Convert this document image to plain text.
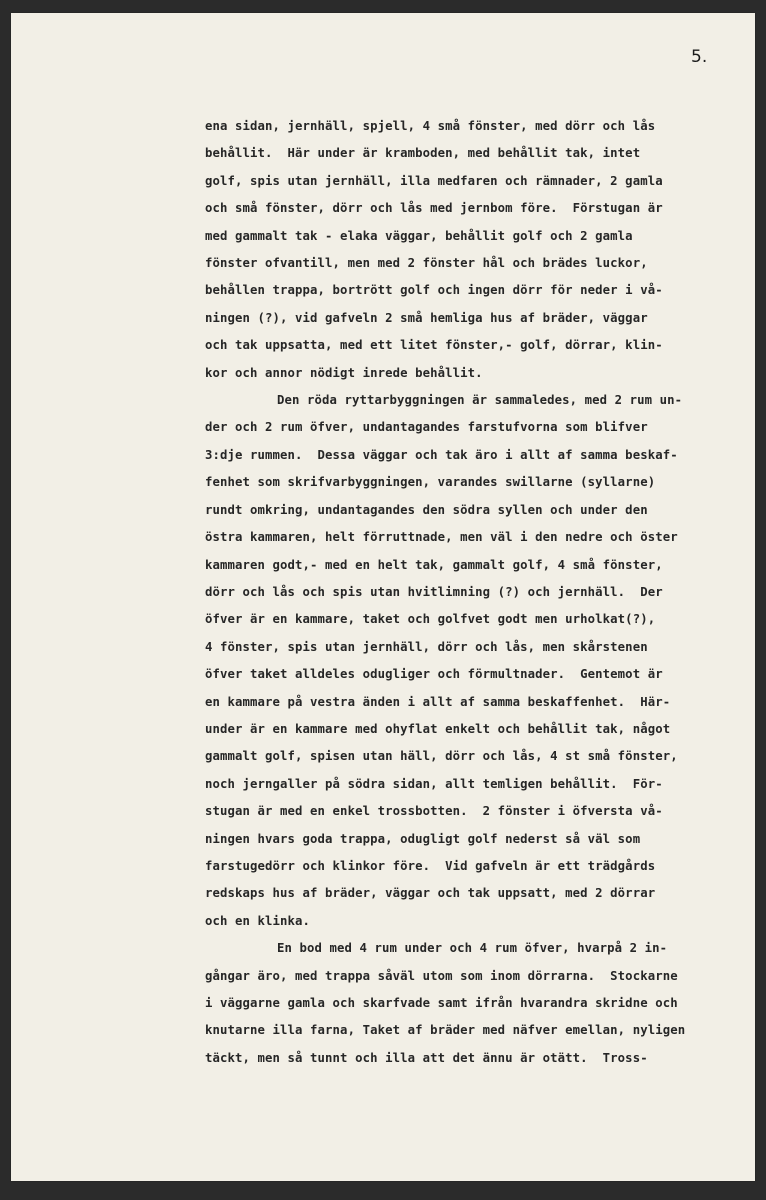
5.
ena sidan, jernhäll, spjell, 4 små fönster, med dörr och lås
behållit.  Här under är kramboden, med behållit tak, intet
golf, spis utan jernhäll, illa medfaren och rämnader, 2 gamla
och små fönster, dörr och lås med jernbom före.  Förstugan är
med gammalt tak - elaka väggar, behållit golf och 2 gamla
fönster ofvantill, men med 2 fönster hål och brädes luckor,
behållen trappa, bortrött golf och ingen dörr för neder i vå-
ningen (?), vid gafveln 2 små hemliga hus af bräder, väggar
och tak uppsatta, med ett litet fönster,- golf, dörrar, klin-
kor och annor nödigt inrede behållit.
Den röda ryttarbyggningen är sammaledes, med 2 rum un-
der och 2 rum öfver, undantagandes farstufvorna som blifver
3:dje rummen.  Dessa väggar och tak äro i allt af samma beskaf-
fenhet som skrifvarbyggningen, varandes swillarne (syllarne)
rundt omkring, undantagandes den södra syllen och under den
östra kammaren, helt förruttnade, men väl i den nedre och öster
kammaren godt,- med en helt tak, gammalt golf, 4 små fönster,
dörr och lås och spis utan hvitlimning (?) och jernhäll.  Der
öfver är en kammare, taket och golfvet godt men urholkat(?),
4 fönster, spis utan jernhäll, dörr och lås, men skårstenen
öfver taket alldeles odugliger och förmultnader.  Gentemot är
en kammare på vestra änden i allt af samma beskaffenhet.  Här-
under är en kammare med ohyflat enkelt och behållit tak, något
gammalt golf, spisen utan häll, dörr och lås, 4 st små fönster,
noch jerngaller på södra sidan, allt temligen behållit.  För-
stugan är med en enkel trossbotten.  2 fönster i öfversta vå-
ningen hvars goda trappa, odugligt golf nederst så väl som
farstugedörr och klinkor före.  Vid gafveln är ett trädgårds
redskaps hus af bräder, väggar och tak uppsatt, med 2 dörrar
och en klinka.
En bod med 4 rum under och 4 rum öfver, hvarpå 2 in-
gångar äro, med trappa såväl utom som inom dörrarna.  Stockarne
i väggarne gamla och skarfvade samt ifrån hvarandra skridne och
knutarne illa farna, Taket af bräder med näfver emellan, nyligen
täckt, men så tunnt och illa att det ännu är otätt.  Tross-
